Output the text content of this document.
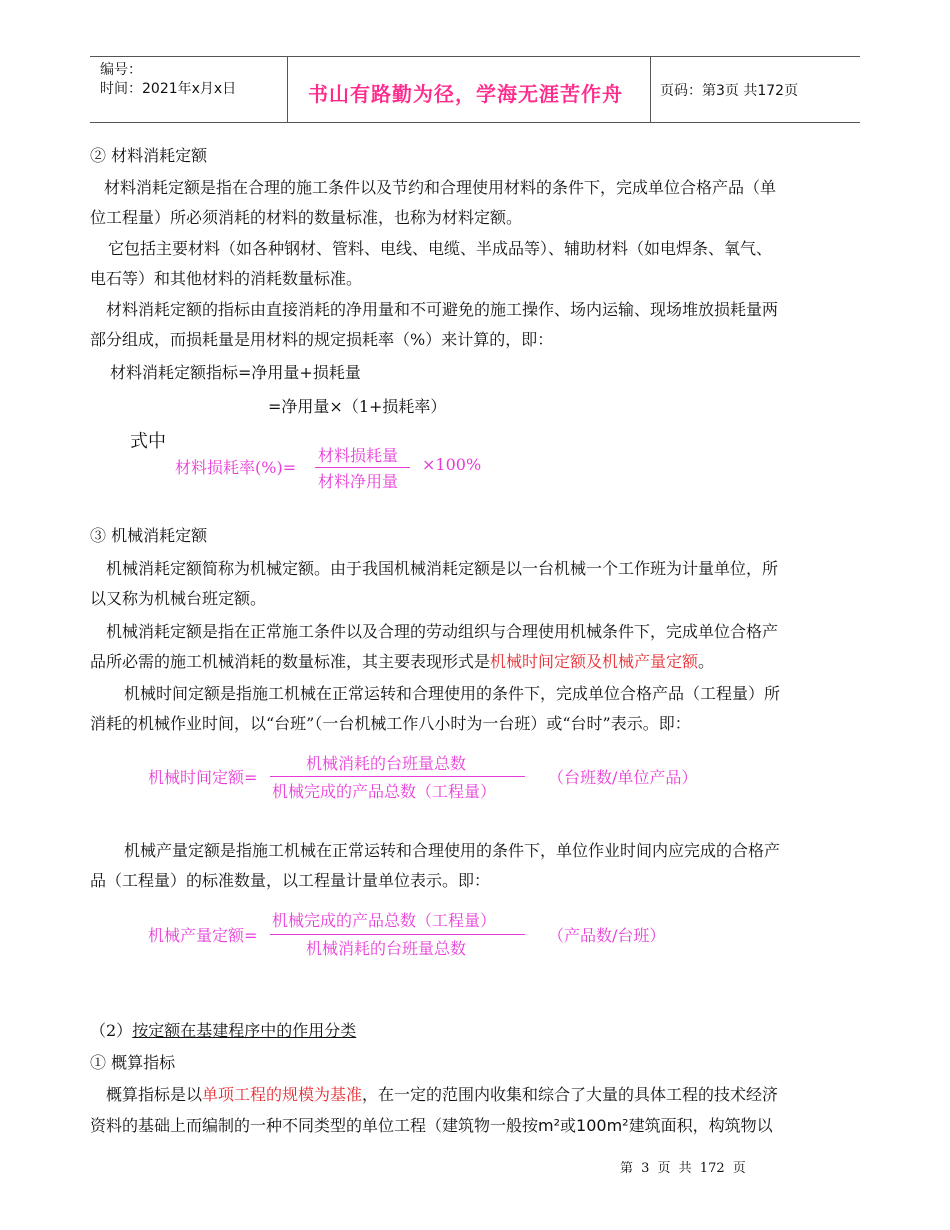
编号：
时间：2021年x月x日	书山有路勤为径，学海无涯苦作舟	页码：第3页 共172页
② 材料消耗定额
材料消耗定额是指在合理的施工条件以及节约和合理使用材料的条件下，完成单位合格产品（单
位工程量）所必须消耗的材料的数量标准，也称为材料定额。
它包括主要材料（如各种钢材、管料、电线、电缆、半成品等）、辅助材料（如电焊条、氧气、
电石等）和其他材料的消耗数量标准。
材料消耗定额的指标由直接消耗的净用量和不可避免的施工操作、场内运输、现场堆放损耗量两
部分组成，而损耗量是用材料的规定损耗率（%）来计算的，即：
材料消耗定额指标=净用量+损耗量
=净用量×（1+损耗率）
式中
材料损耗率(%)=
材料损耗量
材料净用量
×100%
③ 机械消耗定额
机械消耗定额简称为机械定额。由于我国机械消耗定额是以一台机械一个工作班为计量单位，所
以又称为机械台班定额。
机械消耗定额是指在正常施工条件以及合理的劳动组织与合理使用机械条件下，完成单位合格产
品所必需的施工机械消耗的数量标准，其主要表现形式是机械时间定额及机械产量定额。
机械时间定额是指施工机械在正常运转和合理使用的条件下，完成单位合格产品（工程量）所
消耗的机械作业时间，以“台班”（一台机械工作八小时为一台班）或“台时”表示。即：
机械时间定额=
机械消耗的台班量总数
机械完成的产品总数（工程量）
（台班数/单位产品）
机械产量定额是指施工机械在正常运转和合理使用的条件下，单位作业时间内应完成的合格产
品（工程量）的标准数量，以工程量计量单位表示。即：
机械产量定额=
机械完成的产品总数（工程量）
机械消耗的台班量总数
（产品数/台班）
（2）按定额在基建程序中的作用分类
① 概算指标
概算指标是以单项工程的规模为基准，在一定的范围内收集和综合了大量的具体工程的技术经济
资料的基础上而编制的一种不同类型的单位工程（建筑物一般按m²或100m²建筑面积，构筑物以
第 3 页 共 172 页
